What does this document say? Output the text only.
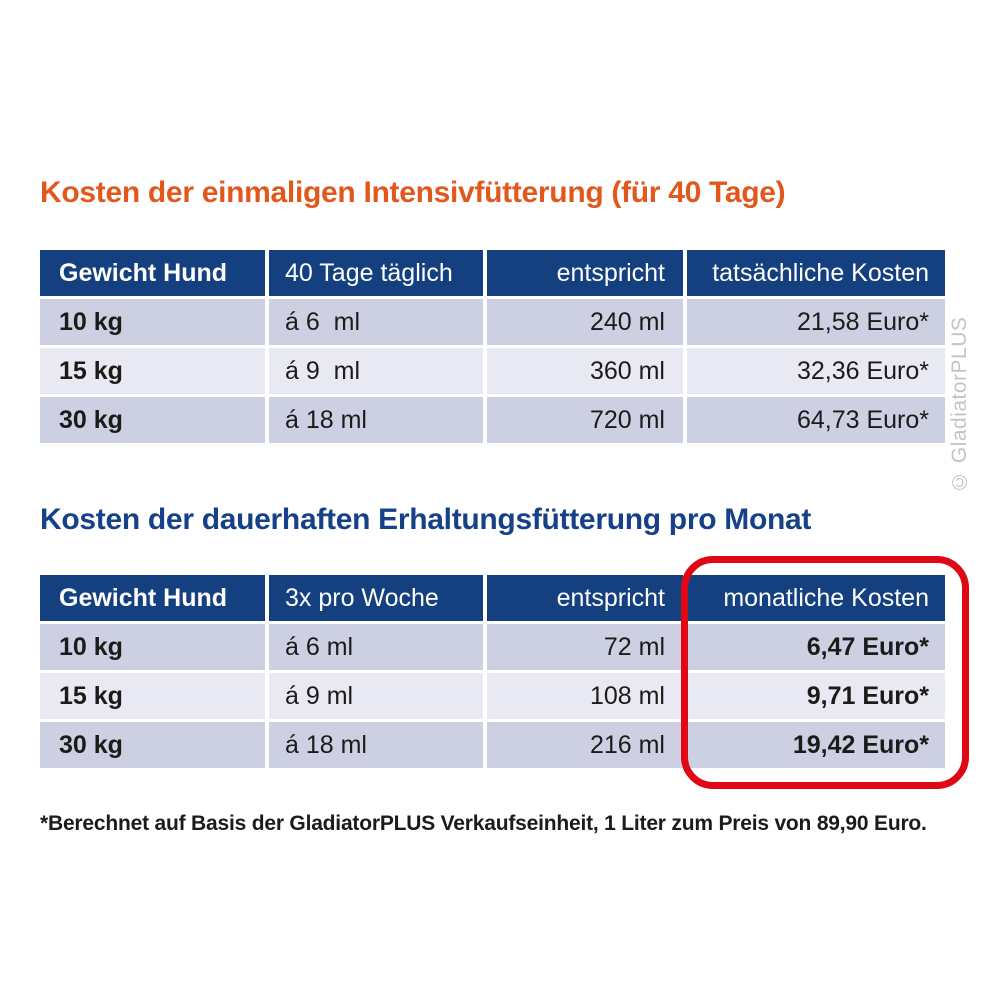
Kosten der einmaligen Intensivfütterung (für 40 Tage)
Gewicht Hund	40 Tage täglich	entspricht	tatsächliche Kosten
10 kg	á 6  ml	240 ml	21,58 Euro*
15 kg	á 9  ml	360 ml	32,36 Euro*
30 kg	á 18 ml	720 ml	64,73 Euro*
Kosten der dauerhaften Erhaltungsfütterung pro Monat
Gewicht Hund	3x pro Woche	entspricht	monatliche Kosten
10 kg	á 6 ml	72 ml	6,47 Euro*
15 kg	á 9 ml	108 ml	9,71 Euro*
30 kg	á 18 ml	216 ml	19,42 Euro*
*Berechnet auf Basis der GladiatorPLUS Verkaufseinheit, 1 Liter zum Preis von 89,90 Euro.
© GladiatorPLUS
